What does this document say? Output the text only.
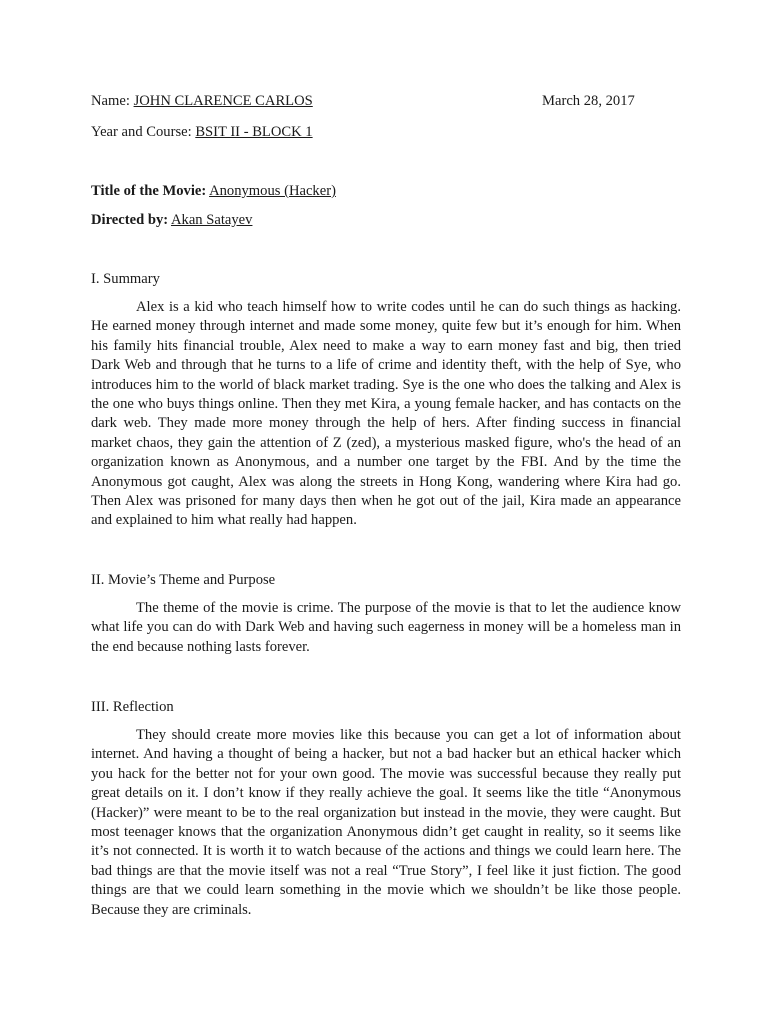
Name: JOHN CLARENCE CARLOS	March 28, 2017
Year and Course: BSIT II - BLOCK 1
Title of the Movie: Anonymous (Hacker)
Directed by: Akan Satayev
I. Summary

Alex is a kid who teach himself how to write codes until he can do such things as hacking. He earned money through internet and made some money, quite few but it’s enough for him. When his family hits financial trouble, Alex need to make a way to earn money fast and big, then tried Dark Web and through that he turns to a life of crime and identity theft, with the help of Sye, who introduces him to the world of black market trading. Sye is the one who does the talking and Alex is the one who buys things online. Then they met Kira, a young female hacker, and has contacts on the dark web. They made more money through the help of hers. After finding success in financial market chaos, they gain the attention of Z (zed), a mysterious masked figure, who's the head of an organization known as Anonymous, and a number one target by the FBI. And by the time the Anonymous got caught, Alex was along the streets in Hong Kong, wandering where Kira had go. Then Alex was prisoned for many days then when he got out of the jail, Kira made an appearance and explained to him what really had happen.

II. Movie’s Theme and Purpose

The theme of the movie is crime. The purpose of the movie is that to let the audience know what life you can do with Dark Web and having such eagerness in money will be a homeless man in the end because nothing lasts forever.

III. Reflection

They should create more movies like this because you can get a lot of information about internet. And having a thought of being a hacker, but not a bad hacker but an ethical hacker which you hack for the better not for your own good. The movie was successful because they really put great details on it. I don’t know if they really achieve the goal. It seems like the title “Anonymous (Hacker)” were meant to be to the real organization but instead in the movie, they were caught. But most teenager knows that the organization Anonymous didn’t get caught in reality, so it seems like it’s not connected. It is worth it to watch because of the actions and things we could learn here. The bad things are that the movie itself was not a real “True Story”, I feel like it just fiction. The good things are that we could learn something in the movie which we shouldn’t be like those people. Because they are criminals.
